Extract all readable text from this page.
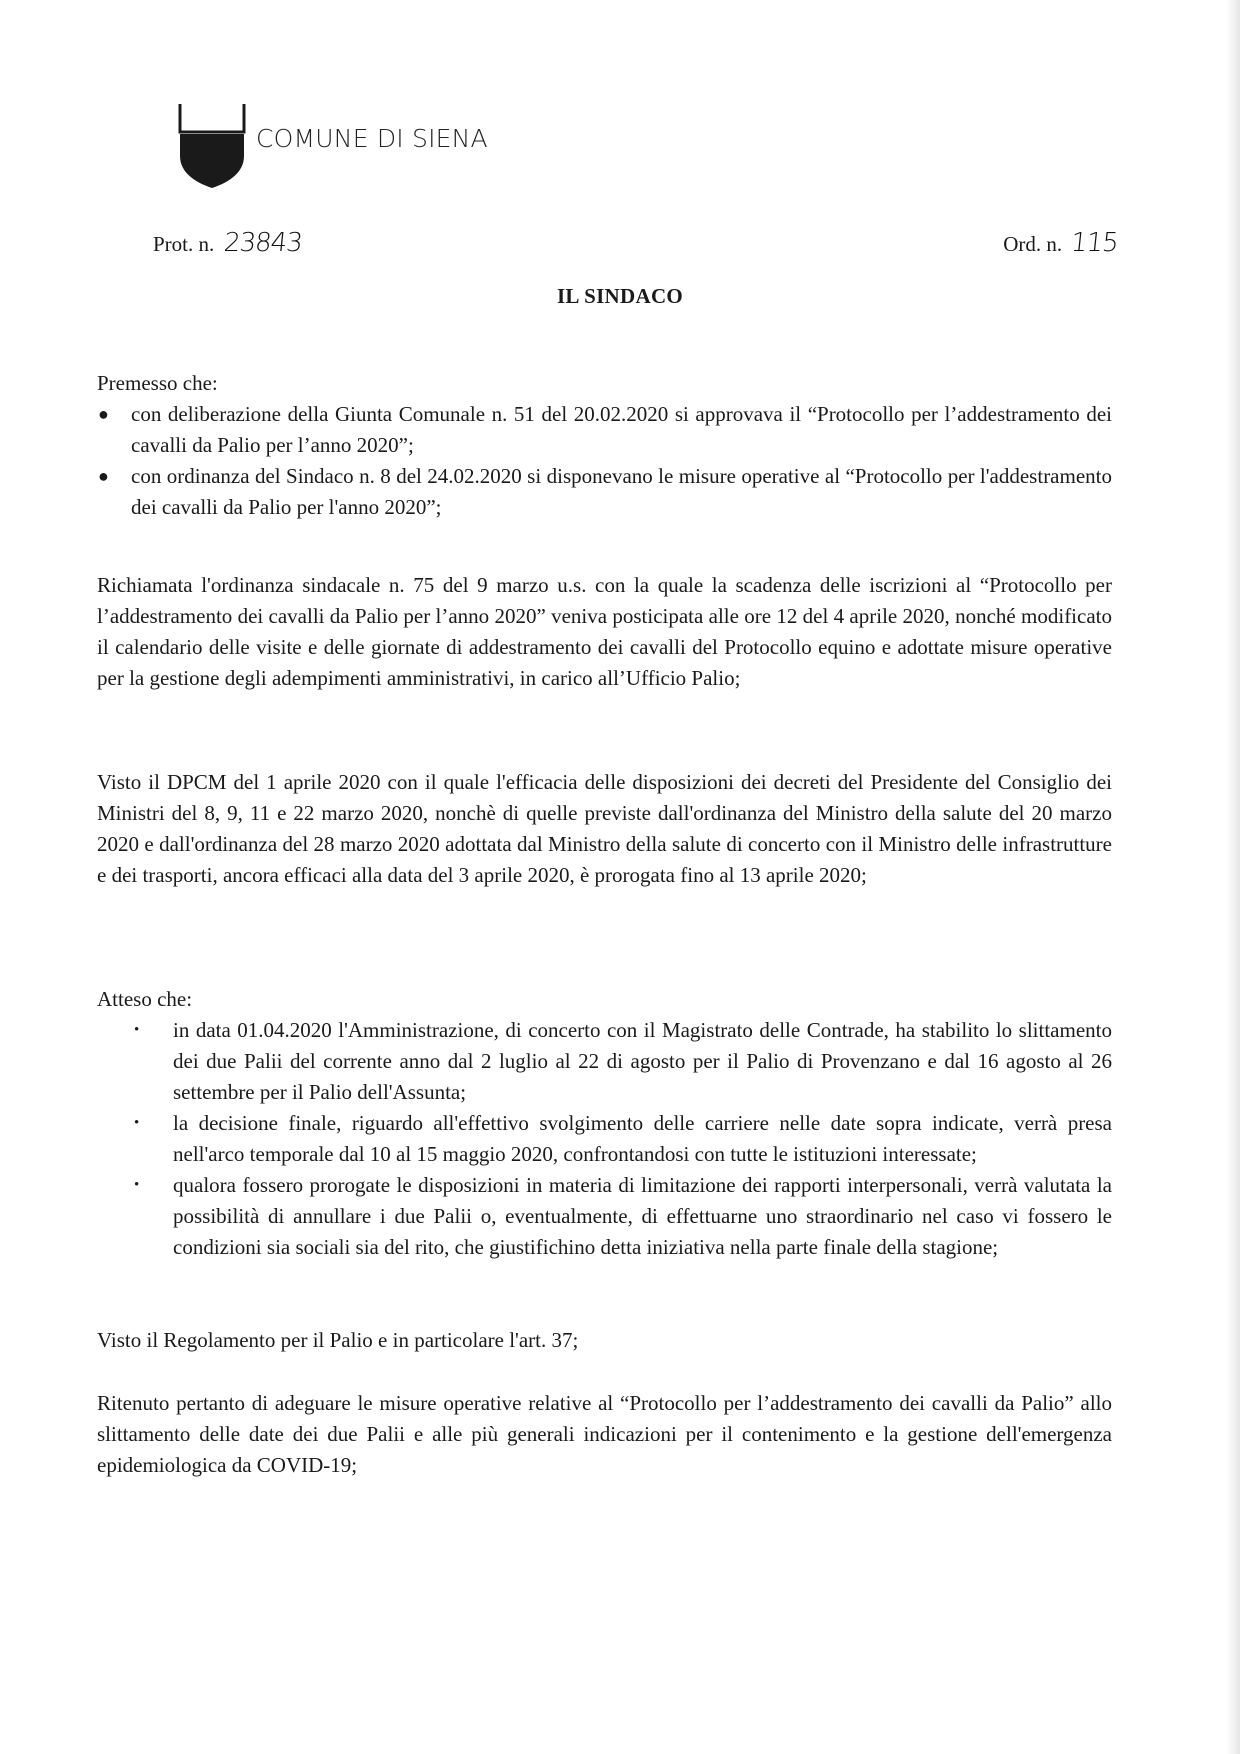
COMUNE DI SIENA
Prot. n. 23843	Ord. n. 115
IL SINDACO

Premesso che:

● con deliberazione della Giunta Comunale n. 51 del 20.02.2020 si approvava il “Protocollo per l’addestramento dei cavalli da Palio per l’anno 2020”;
● con ordinanza del Sindaco n. 8 del 24.02.2020 si disponevano le misure operative al “Protocollo per l'addestramento dei cavalli da Palio per l'anno 2020”;

Richiamata l'ordinanza sindacale n. 75 del 9 marzo u.s. con la quale la scadenza delle iscrizioni al “Protocollo per l’addestramento dei cavalli da Palio per l’anno 2020” veniva posticipata alle ore 12 del 4 aprile 2020, nonché modificato il calendario delle visite e delle giornate di addestramento dei cavalli del Protocollo equino e adottate misure operative per la gestione degli adempimenti amministrativi, in carico all’Ufficio Palio;

Visto il DPCM del 1 aprile 2020 con il quale l'efficacia delle disposizioni dei decreti del Presidente del Consiglio dei Ministri del 8, 9, 11 e 22 marzo 2020, nonchè di quelle previste dall'ordinanza del Ministro della salute del 20 marzo 2020 e dall'ordinanza del 28 marzo 2020 adottata dal Ministro della salute di concerto con il Ministro delle infrastrutture e dei trasporti, ancora efficaci alla data del 3 aprile 2020, è prorogata fino al 13 aprile 2020;

Atteso che:

• in data 01.04.2020 l'Amministrazione, di concerto con il Magistrato delle Contrade, ha stabilito lo slittamento dei due Palii del corrente anno dal 2 luglio al 22 di agosto per il Palio di Provenzano e dal 16 agosto al 26 settembre per il Palio dell'Assunta;
• la decisione finale, riguardo all'effettivo svolgimento delle carriere nelle date sopra indicate, verrà presa nell'arco temporale dal 10 al 15 maggio 2020, confrontandosi con tutte le istituzioni interessate;
• qualora fossero prorogate le disposizioni in materia di limitazione dei rapporti interpersonali, verrà valutata la possibilità di annullare i due Palii o, eventualmente, di effettuarne uno straordinario nel caso vi fossero le condizioni sia sociali sia del rito, che giustifichino detta iniziativa nella parte finale della stagione;

Visto il Regolamento per il Palio e in particolare l'art. 37;

Ritenuto pertanto di adeguare le misure operative relative al “Protocollo per l’addestramento dei cavalli da Palio” allo slittamento delle date dei due Palii e alle più generali indicazioni per il contenimento e la gestione dell'emergenza epidemiologica da COVID-19;
